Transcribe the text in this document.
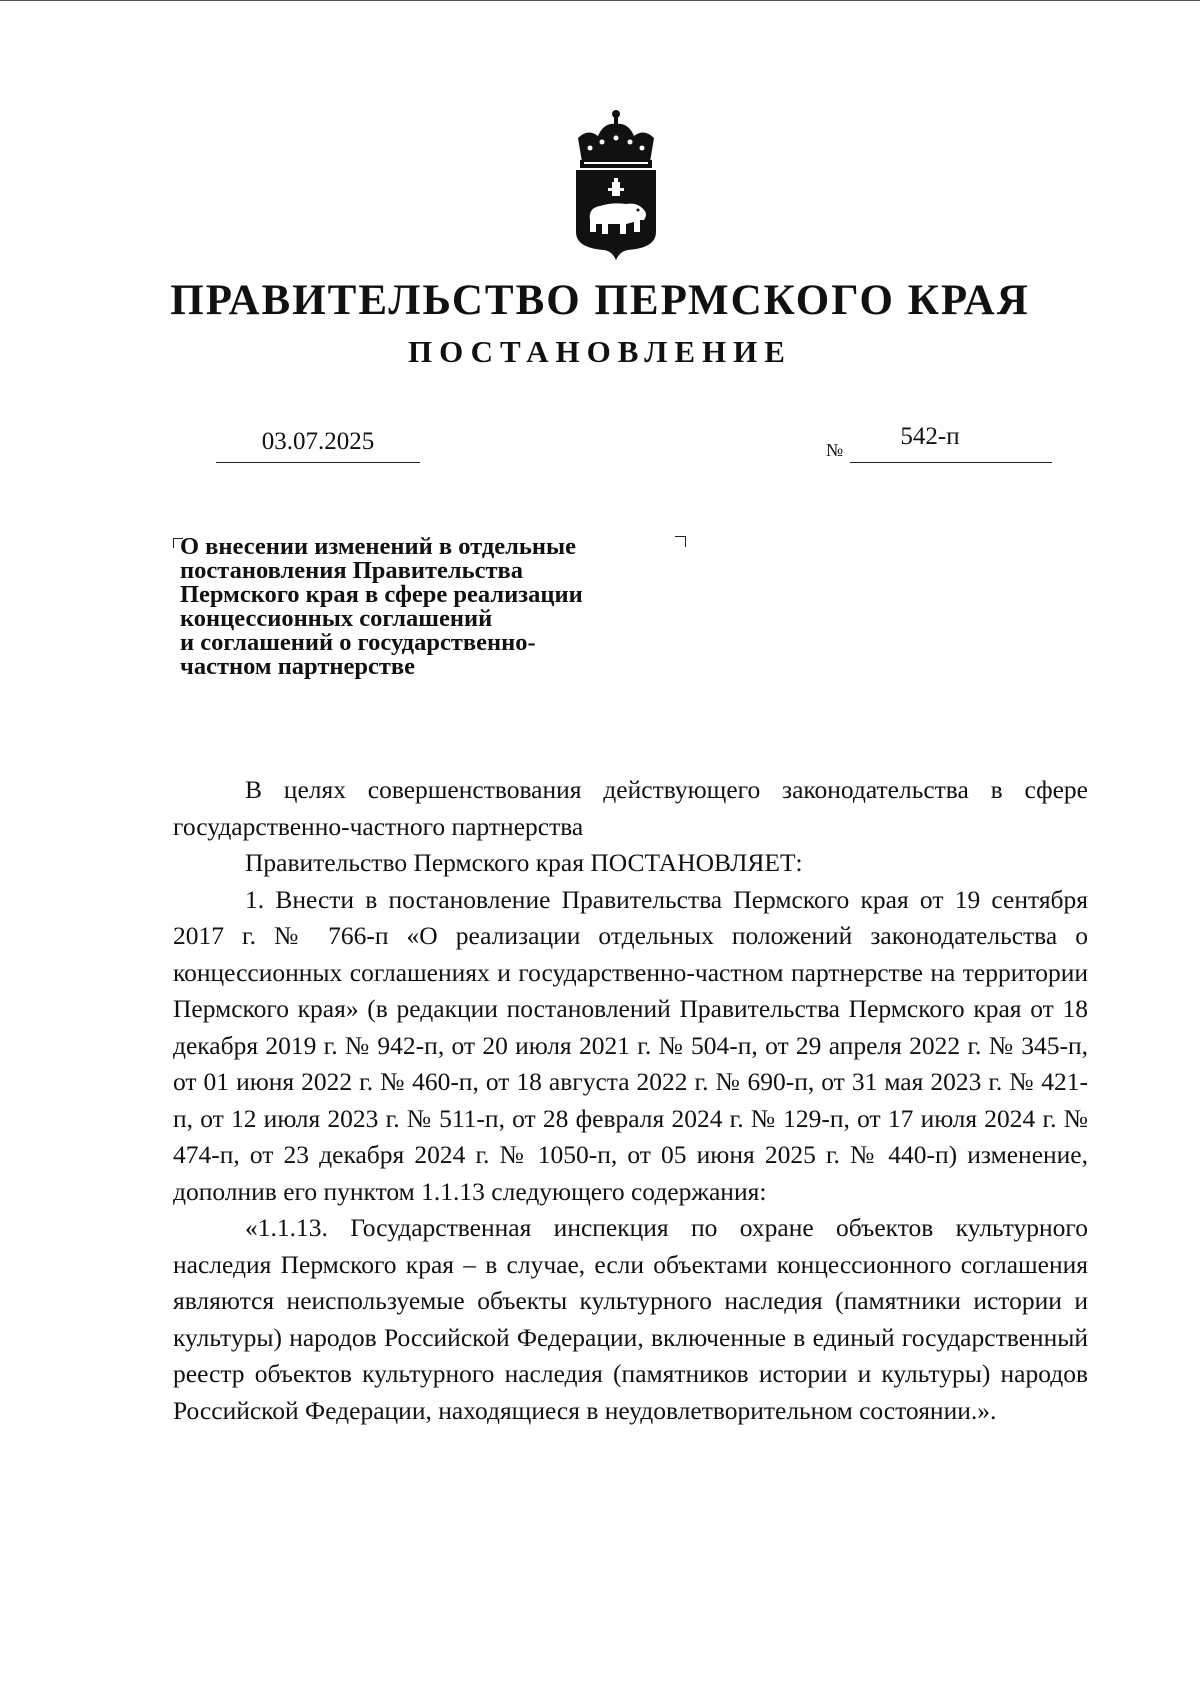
ПРАВИТЕЛЬСТВО ПЕРМСКОГО КРАЯ
ПОСТАНОВЛЕНИЕ
03.07.2025	№	542-п
О внесении изменений в отдельные
постановления Правительства
Пермского края в сфере реализации
концессионных соглашений
и соглашений о государственно-
частном партнерстве

В целях совершенствования действующего законодательства в сфере государственно-частного партнерства

Правительство Пермского края ПОСТАНОВЛЯЕТ:

1. Внести в постановление Правительства Пермского края от 19 сентября 2017 г. № 766-п «О реализации отдельных положений законодательства о концессионных соглашениях и государственно-частном партнерстве на территории Пермского края» (в редакции постановлений Правительства Пермского края от 18 декабря 2019 г. № 942-п, от 20 июля 2021 г. № 504-п, от 29 апреля 2022 г. № 345-п, от 01 июня 2022 г. № 460-п, от 18 августа 2022 г. № 690-п, от 31 мая 2023 г. № 421-п, от 12 июля 2023 г. № 511-п, от 28 февраля 2024 г. № 129-п, от 17 июля 2024 г. № 474-п, от 23 декабря 2024 г. № 1050-п, от 05 июня 2025 г. № 440-п) изменение, дополнив его пунктом 1.1.13 следующего содержания:

«1.1.13. Государственная инспекция по охране объектов культурного наследия Пермского края – в случае, если объектами концессионного соглашения являются неиспользуемые объекты культурного наследия (памятники истории и культуры) народов Российской Федерации, включенные в единый государственный реестр объектов культурного наследия (памятников истории и культуры) народов Российской Федерации, находящиеся в неудовлетворительном состоянии.».
